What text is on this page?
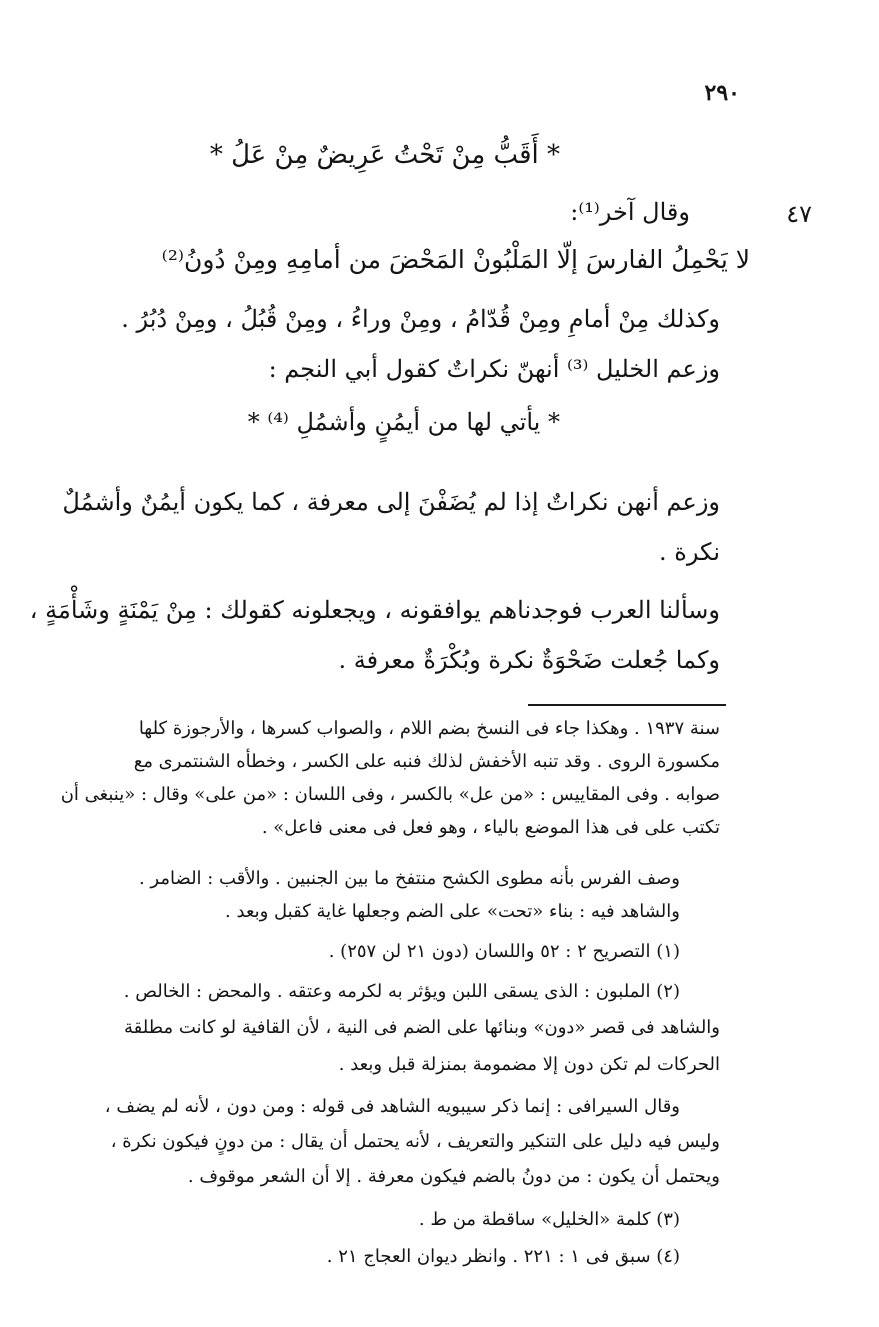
٢٩٠
* أَقَبُّ مِنْ تَحْتُ عَرِيضٌ مِنْ عَلُ *
٤٧
وقال آخر⁽¹⁾:
لا يَحْمِلُ الفارسَ إلّا المَلْبُونْ المَحْضَ من أمامِهِ ومِنْ دُونُ⁽²⁾
وكذلك مِنْ أمامِ ومِنْ قُدّامُ ، ومِنْ وراءُ ، ومِنْ قُبُلُ ، ومِنْ دُبُرُ .
وزعم الخليل ⁽³⁾ أنهنّ نكراتٌ كقول أبي النجم :
* يأتي لها من أيمُنٍ وأشمُلِ ⁽⁴⁾ *
وزعم أنهن نكراتٌ إذا لم يُضَفْنَ إلى معرفة ، كما يكون أيمُنٌ وأشمُلٌ
نكرة .
وسألنا العرب فوجدناهم يوافقونه ، ويجعلونه كقولك : مِنْ يَمْنَةٍ وشَأْمَةٍ ،
وكما جُعلت ضَحْوَةٌ نكرة وبُكْرَةٌ معرفة .
سنة ١٩٣٧ . وهكذا جاء فى النسخ بضم اللام ، والصواب كسرها ، والأرجوزة كلها
مكسورة الروى . وقد تنبه الأخفش لذلك فنبه على الكسر ، وخطأه الشنتمرى مع
صوابه . وفى المقاييس : «من عل» بالكسر ، وفى اللسان : «من على» وقال : «ينبغى أن
تكتب على فى هذا الموضع بالياء ، وهو فعل فى معنى فاعل» .
وصف الفرس بأنه مطوى الكشح منتفخ ما بين الجنبين . والأقب : الضامر .
والشاهد فيه : بناء «تحت» على الضم وجعلها غاية كقبل وبعد .
(١) التصريح ٢ : ٥٢ واللسان (دون ٢١ لن ٢٥٧) .
(٢) الملبون : الذى يسقى اللبن ويؤثر به لكرمه وعتقه . والمحض : الخالص .
والشاهد فى قصر «دون» وبنائها على الضم فى النية ، لأن القافية لو كانت مطلقة
الحركات لم تكن دون إلا مضمومة بمنزلة قبل وبعد .
وقال السيرافى : إنما ذكر سيبويه الشاهد فى قوله : ومن دون ، لأنه لم يضف ،
وليس فيه دليل على التنكير والتعريف ، لأنه يحتمل أن يقال : من دونٍ فيكون نكرة ،
ويحتمل أن يكون : من دونُ بالضم فيكون معرفة . إلا أن الشعر موقوف .
(٣) كلمة «الخليل» ساقطة من ط .
(٤) سبق فى ١ : ٢٢١ . وانظر ديوان العجاج ٢١ .
